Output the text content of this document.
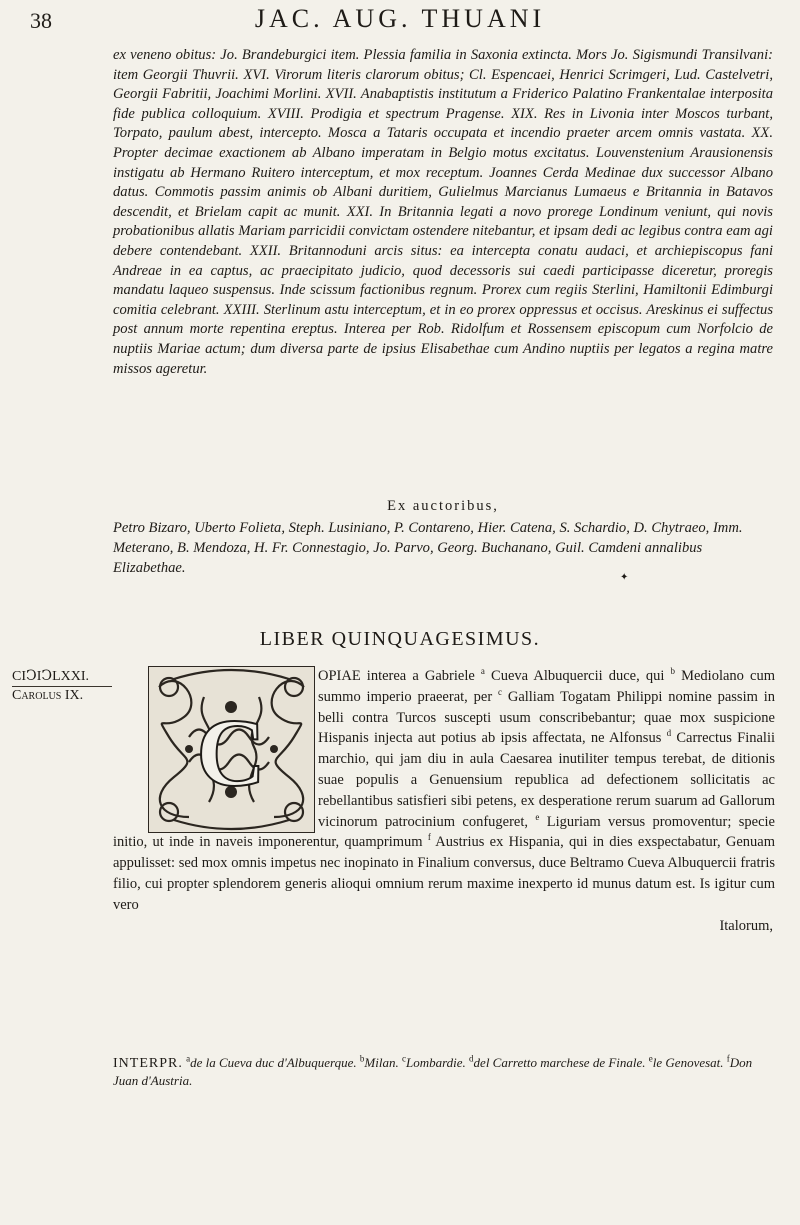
38	JAC. AUG. THUANI

ex veneno obitus: Jo. Brandeburgici item. Plessia familia in Saxonia extincta. Mors Jo. Sigismundi Transilvani: item Georgii Thuvrii. XVI. Virorum literis clarorum obitus; Cl. Espencaei, Henrici Scrimgeri, Lud. Castelvetri, Georgii Fabritii, Joachimi Morlini. XVII. Anabaptistis institutum a Friderico Palatino Frankentalae interposita fide publica colloquium. XVIII. Prodigia et spectrum Pragense. XIX. Res in Livonia inter Moscos turbant, Torpato, paulum abest, intercepto. Mosca a Tataris occupata et incendio praeter arcem omnis vastata. XX. Propter decimae exactionem ab Albano imperatam in Belgio motus excitatus. Louvenstenium Arausionensis instigatu ab Hermano Ruitero interceptum, et mox receptum. Joannes Cerda Medinae dux successor Albano datus. Commotis passim animis ob Albani duritiem, Gulielmus Marcianus Lumaeus e Britannia in Batavos descendit, et Brielam capit ac munit. XXI. In Britannia legati a novo prorege Londinum veniunt, qui novis probationibus allatis Mariam parricidii convictam ostendere nitebantur, et ipsam dedi ac legibus contra eam agi debere contendebant. XXII. Britannoduni arcis situs: ea intercepta conatu audaci, et archiepiscopus fani Andreae in ea captus, ac praecipitato judicio, quod decessoris sui caedi participasse diceretur, proregis mandatu laqueo suspensus. Inde scissum factionibus regnum. Prorex cum regiis Sterlini, Hamiltonii Edimburgi comitia celebrant. XXIII. Sterlinum astu interceptum, et in eo prorex oppressus et occisus. Areskinus ei suffectus post annum morte repentina ereptus. Interea per Rob. Ridolfum et Rossensem episcopum cum Norfolcio de nuptiis Mariae actum; dum diversa parte de ipsius Elisabethae cum Andino nuptiis per legatos a regina matre missos ageretur.

Ex auctoribus,

Petro Bizaro, Uberto Folieta, Steph. Lusiniano, P. Contareno, Hier. Catena, S. Schardio, D. Chytraeo, Imm. Meterano, B. Mendoza, H. Fr. Connestagio, Jo. Parvo, Georg. Buchanano, Guil. Camdeni annalibus Elizabethae.

✦
LIBER QUINQUAGESIMUS.
CIↃIↃLXXI.
Carolus IX.

OPIAE interea a Gabriele $^a$ Cueva Albuquercii duce, qui $^b$ Mediolano cum summo imperio praeerat, per $^c$ Galliam Togatam Philippi nomine passim in belli contra Turcos suscepti usum conscribebantur; quae mox suspicione Hispanis injecta aut potius ab ipsis affectata, ne Alfonsus $^d$ Carrectus Finalii marchio, qui jam diu in aula Caesarea inutiliter tempus terebat, de ditionis suae populis a Genuensium republica ad defectionem sollicitatis ac rebellantibus satisfieri sibi petens, ex desperatione rerum suarum ad Gallorum vicinorum patrocinium confugeret, $^e$ Liguriam versus promoventur; specie initio, ut inde in naveis imponerentur, quamprimum $^f$ Austrius ex Hispania, qui in dies exspectabatur, Genuam appulisset: sed mox omnis impetus nec inopinato in Finalium conversus, duce Beltramo Cueva Albuquercii fratris filio, cui propter splendorem generis alioqui omnium rerum maxime inexperto id munus datum est. Is igitur cum vero
Italorum,

C
INTERPR. $^a$de la Cueva duc d'Albuquerque. $^b$Milan. $^c$Lombardie. $^d$del Carretto marchese de Finale. $^e$le Genovesat. $^f$Don Juan d'Austria.
